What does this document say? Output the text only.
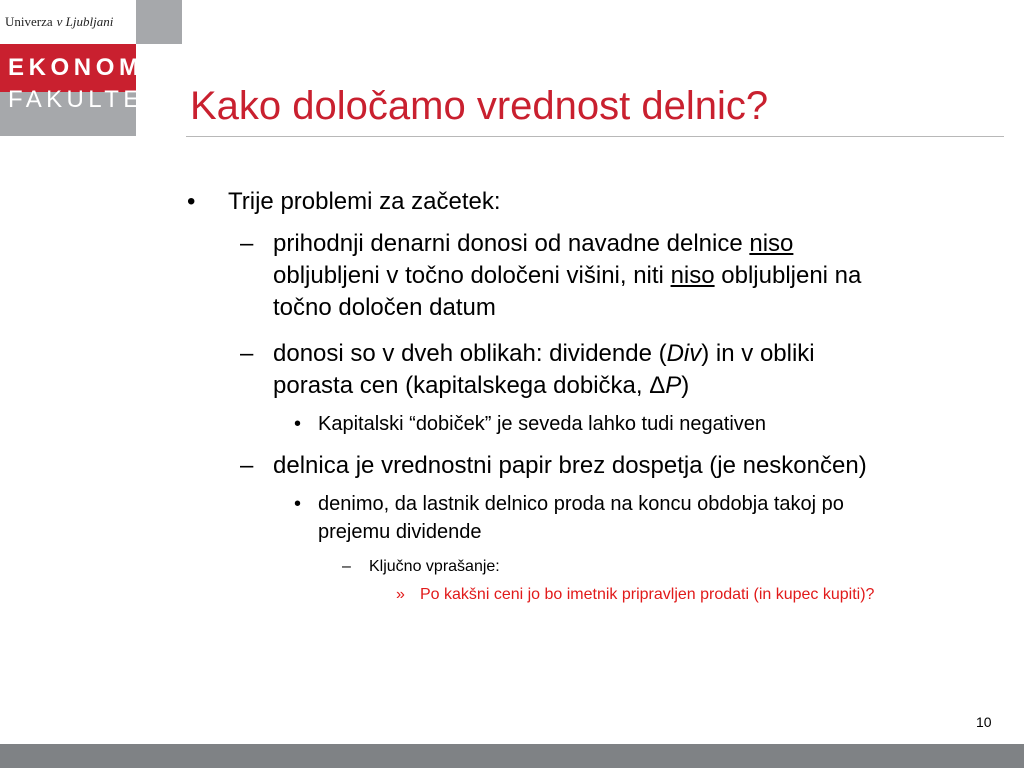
Univerza v Ljubljani
EKONOMSKA
FAKULTETA Kako določamo vrednost delnic?
• Trije problemi za začetek:
– prihodnji denarni donosi od navadne delnice niso
obljubljeni v točno določeni višini, niti niso obljubljeni na
točno določen datum
– donosi so v dveh oblikah: dividende (Div) in v obliki
porasta cen (kapitalskega dobička, ΔP)
• Kapitalski “dobiček” je seveda lahko tudi negativen
– delnica je vrednostni papir brez dospetja (je neskončen)
• denimo, da lastnik delnico proda na koncu obdobja takoj po
prejemu dividende
– Ključno vprašanje:
» Po kakšni ceni jo bo imetnik pripravljen prodati (in kupec kupiti)?
10
